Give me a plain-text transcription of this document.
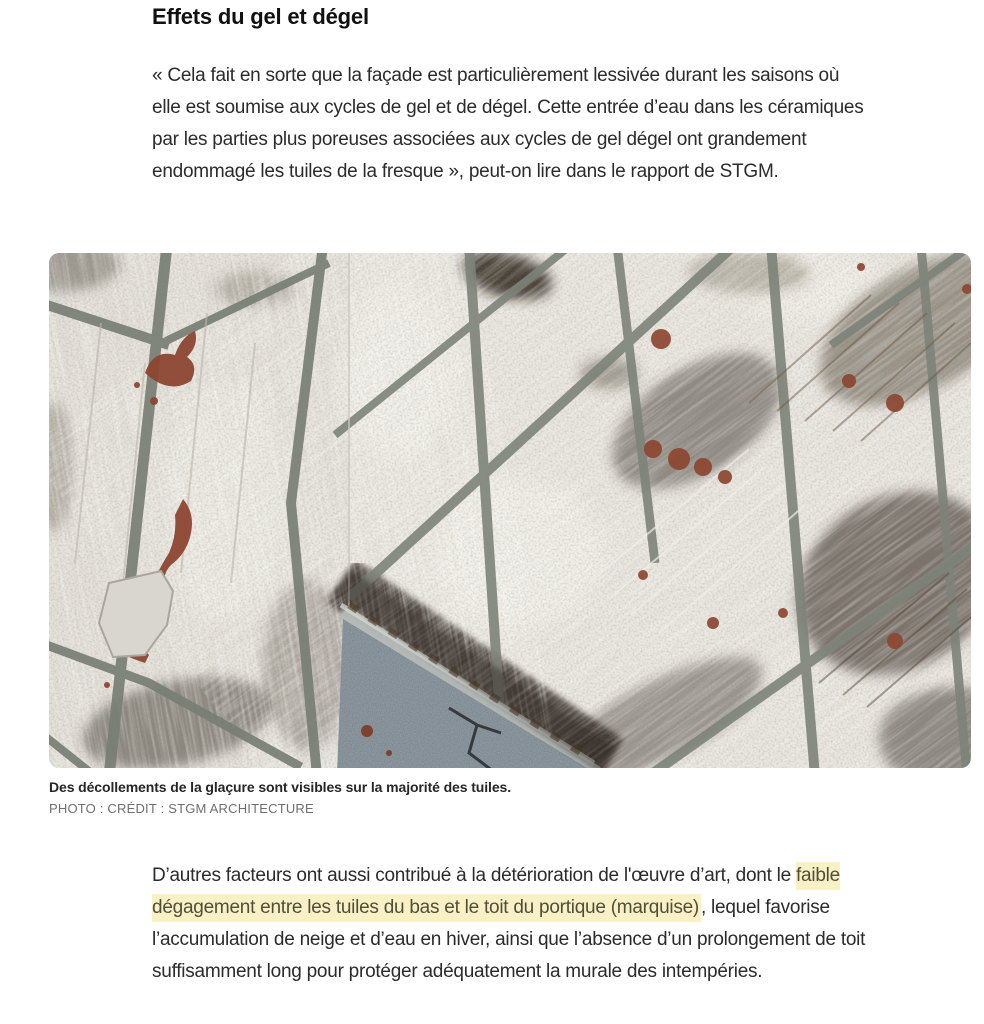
Effets du gel et dégel

« Cela fait en sorte que la façade est particulièrement lessivée durant les saisons où elle est soumise aux cycles de gel et de dégel. Cette entrée d’eau dans les céramiques par les parties plus poreuses associées aux cycles de gel dégel ont grandement endommagé les tuiles de la fresque », peut-on lire dans le rapport de STGM.

Des décollements de la glaçure sont visibles sur la majorité des tuiles.
PHOTO : CRÉDIT : STGM ARCHITECTURE

D’autres facteurs ont aussi contribué à la détérioration de l'œuvre d’art, dont le faible dégagement entre les tuiles du bas et le toit du portique (marquise) , lequel favorise l’accumulation de neige et d’eau en hiver, ainsi que l’absence d’un prolongement de toit suffisamment long pour protéger adéquatement la murale des intempéries.
